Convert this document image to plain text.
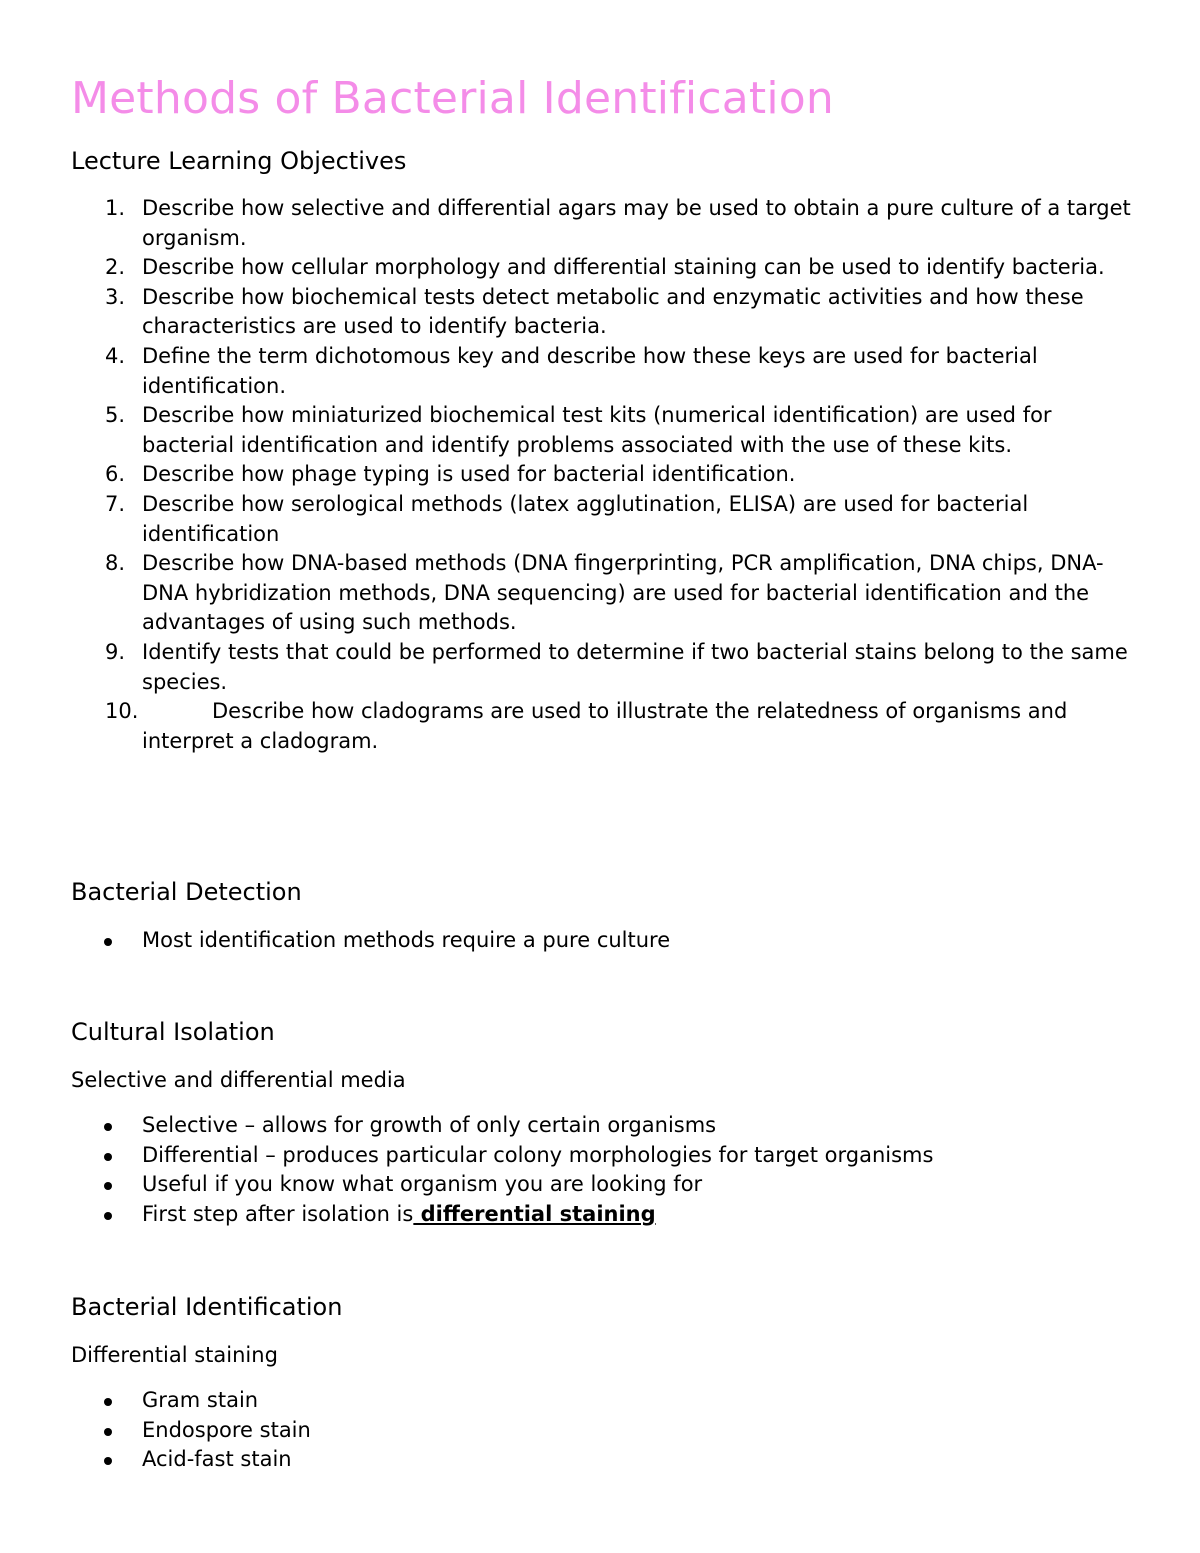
Methods of Bacterial Identification
Lecture Learning Objectives
1. Describe how selective and differential agars may be used to obtain a pure culture of a target organism.
2. Describe how cellular morphology and differential staining can be used to identify bacteria.
3. Describe how biochemical tests detect metabolic and enzymatic activities and how these characteristics are used to identify bacteria.
4. Define the term dichotomous key and describe how these keys are used for bacterial identification.
5. Describe how miniaturized biochemical test kits (numerical identification) are used for bacterial identification and identify problems associated with the use of these kits.
6. Describe how phage typing is used for bacterial identification.
7. Describe how serological methods (latex agglutination, ELISA) are used for bacterial identification
8. Describe how DNA-based methods (DNA fingerprinting, PCR amplification, DNA chips, DNA-DNA hybridization methods, DNA sequencing) are used for bacterial identification and the advantages of using such methods.
9. Identify tests that could be performed to determine if two bacterial stains belong to the same species.
10.	Describe how cladograms are used to illustrate the relatedness of organisms and interpret a cladogram.
Bacterial Detection
Most identification methods require a pure culture
Cultural Isolation

Selective and differential media

Selective – allows for growth of only certain organisms
Differential – produces particular colony morphologies for target organisms
Useful if you know what organism you are looking for
First step after isolation is differential staining
Bacterial Identification

Differential staining

Gram stain
Endospore stain
Acid-fast stain
